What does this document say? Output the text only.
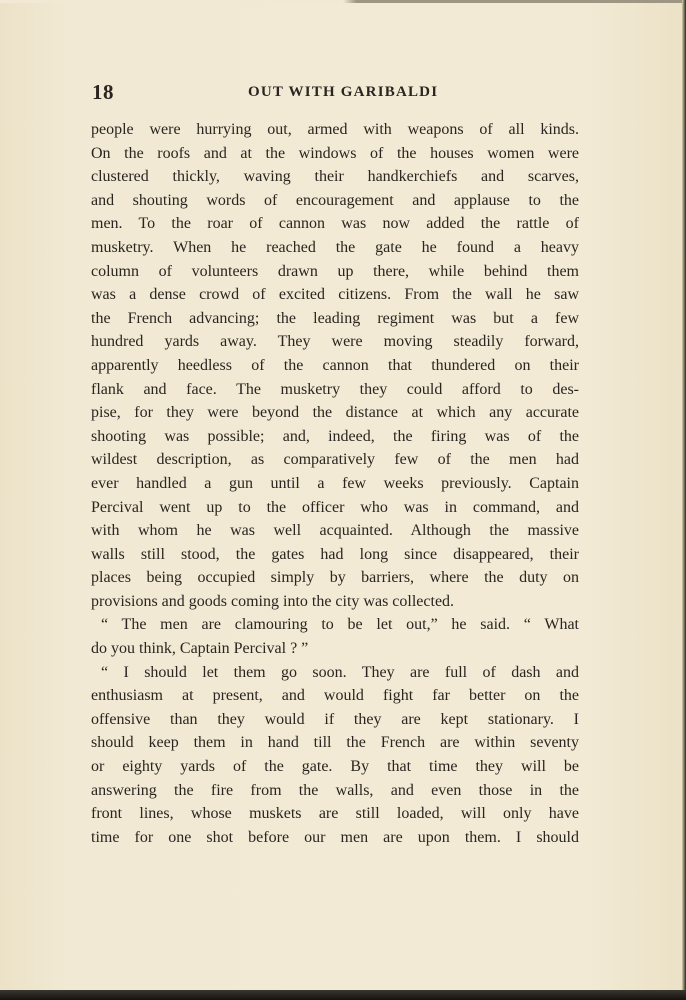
18	OUT WITH GARIBALDI
people were hurrying out, armed with weapons of all kinds.
On the roofs and at the windows of the houses women were
clustered thickly, waving their handkerchiefs and scarves,
and shouting words of encouragement and applause to the
men. To the roar of cannon was now added the rattle of
musketry. When he reached the gate he found a heavy
column of volunteers drawn up there, while behind them
was a dense crowd of excited citizens. From the wall he saw
the French advancing; the leading regiment was but a few
hundred yards away. They were moving steadily forward,
apparently heedless of the cannon that thundered on their
flank and face. The musketry they could afford to des-
pise, for they were beyond the distance at which any accurate
shooting was possible; and, indeed, the firing was of the
wildest description, as comparatively few of the men had
ever handled a gun until a few weeks previously. Captain
Percival went up to the officer who was in command, and
with whom he was well acquainted. Although the massive
walls still stood, the gates had long since disappeared, their
places being occupied simply by barriers, where the duty on
provisions and goods coming into the city was collected.
“ The men are clamouring to be let out,” he said. “ What
do you think, Captain Percival ? ”
“ I should let them go soon. They are full of dash and
enthusiasm at present, and would fight far better on the
offensive than they would if they are kept stationary. I
should keep them in hand till the French are within seventy
or eighty yards of the gate. By that time they will be
answering the fire from the walls, and even those in the
front lines, whose muskets are still loaded, will only have
time for one shot before our men are upon them. I should
